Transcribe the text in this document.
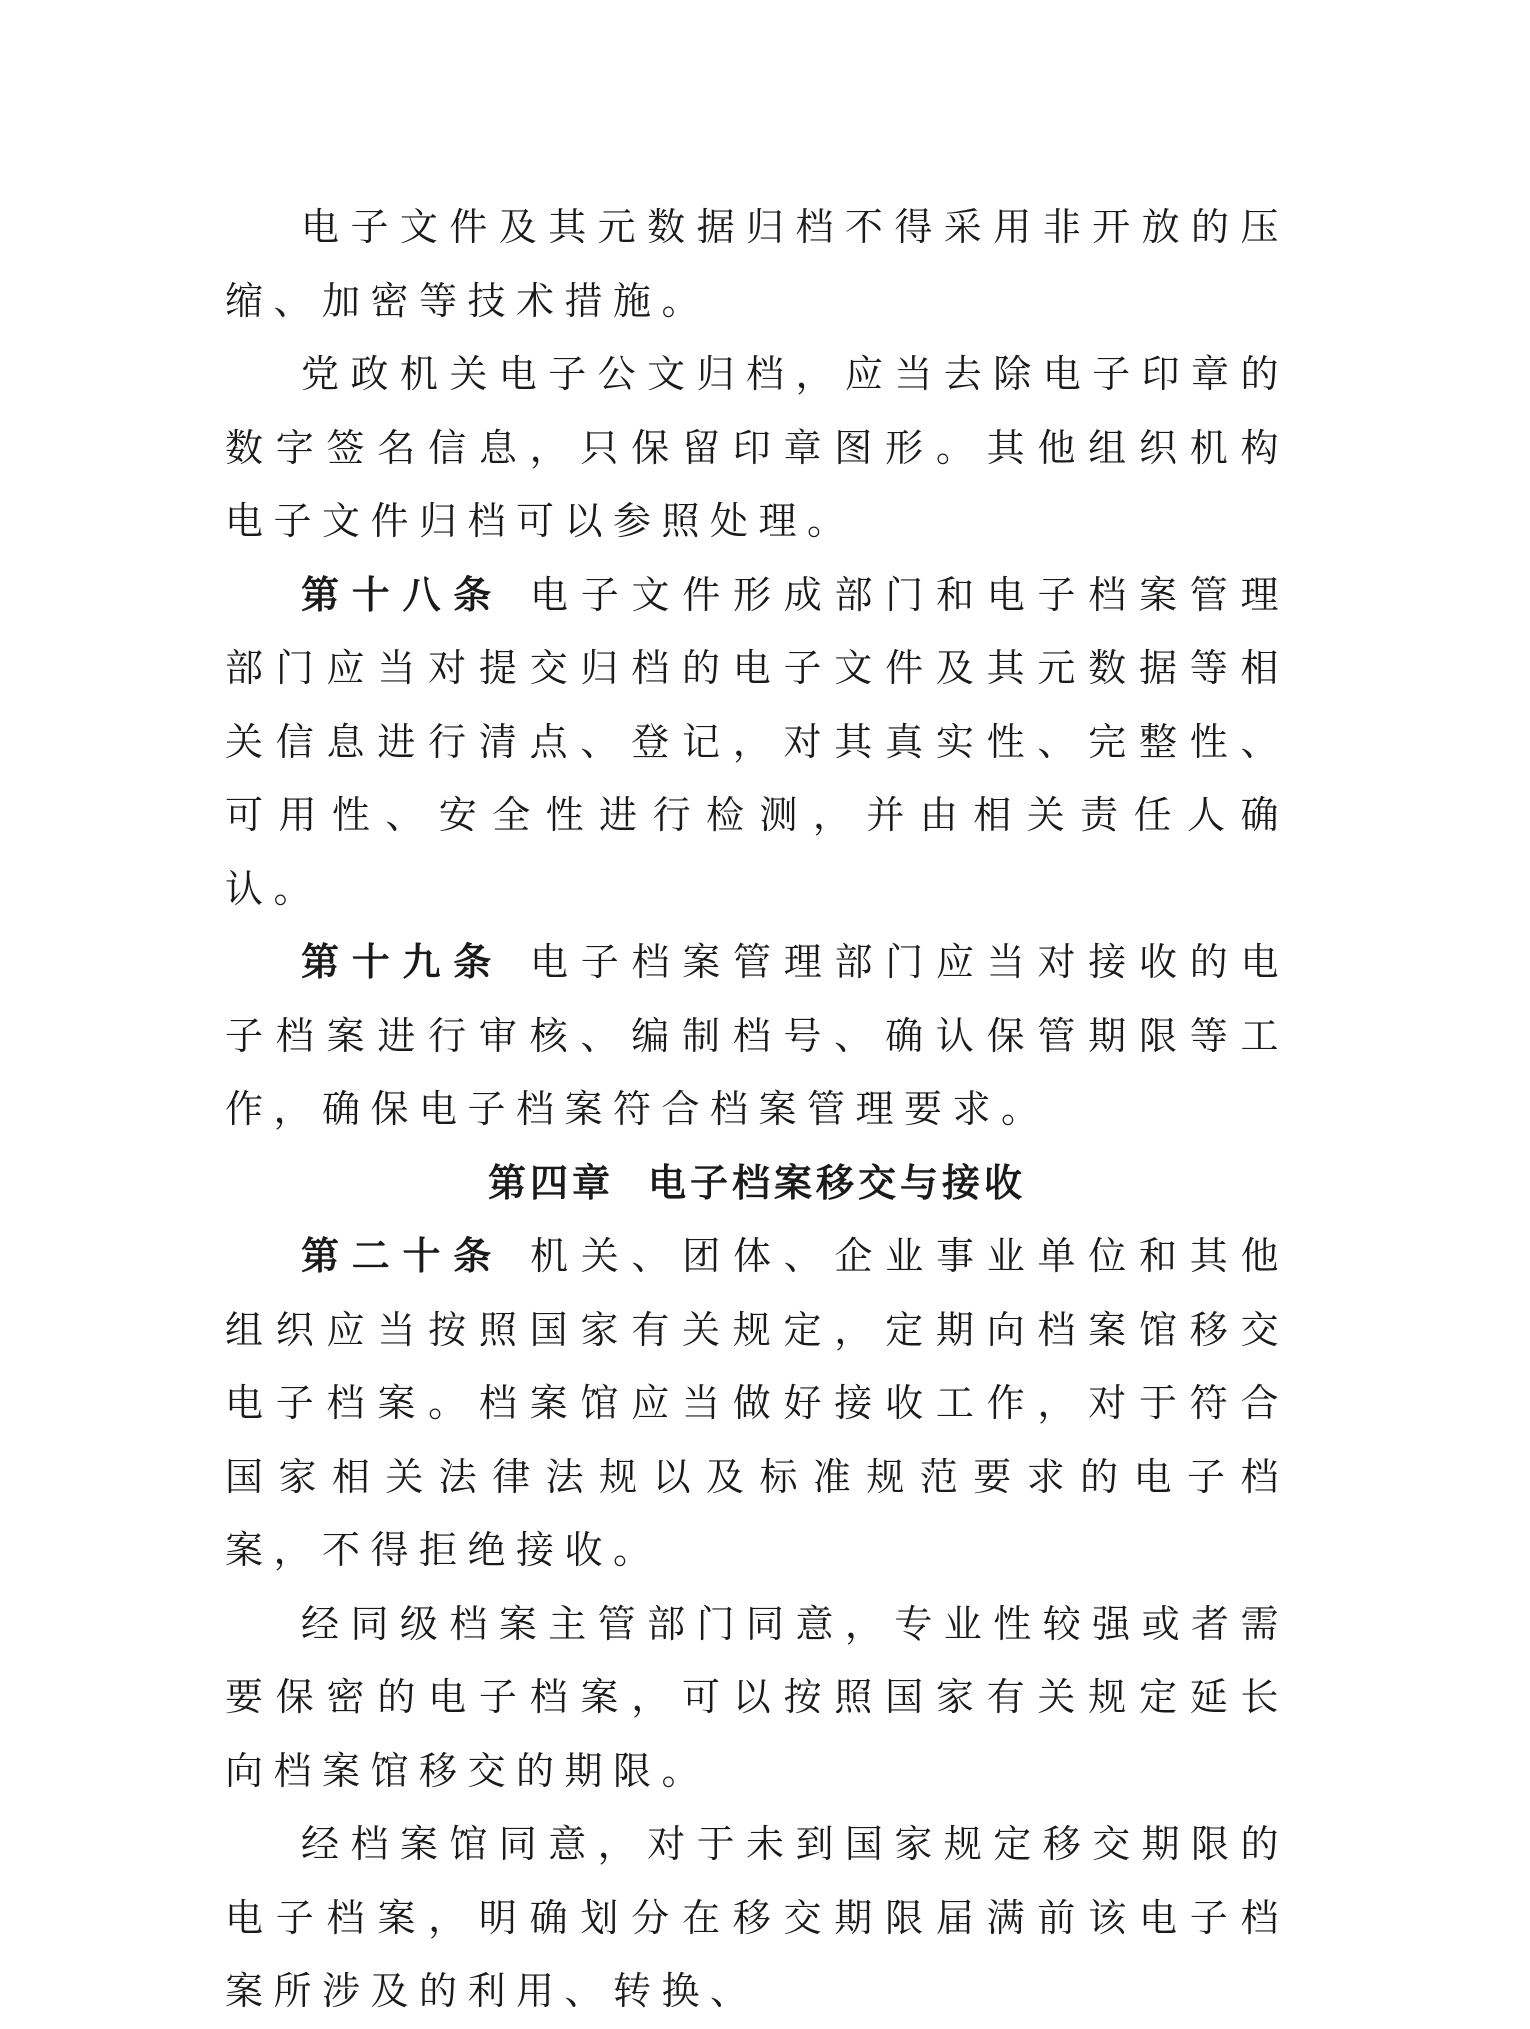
电子文件及其元数据归档不得采用非开放的压缩、加密等技术措施。

党政机关电子公文归档，应当去除电子印章的数字签名信息，只保留印章图形。其他组织机构电子文件归档可以参照处理。

第十八条 电子文件形成部门和电子档案管理部门应当对提交归档的电子文件及其元数据等相关信息进行清点、登记，对其真实性、完整性、可用性、安全性进行检测，并由相关责任人确认。

第十九条 电子档案管理部门应当对接收的电子档案进行审核、编制档号、确认保管期限等工作，确保电子档案符合档案管理要求。

第四章 电子档案移交与接收

第二十条 机关、团体、企业事业单位和其他组织应当按照国家有关规定，定期向档案馆移交电子档案。档案馆应当做好接收工作，对于符合国家相关法律法规以及标准规范要求的电子档案，不得拒绝接收。

经同级档案主管部门同意，专业性较强或者需要保密的电子档案，可以按照国家有关规定延长向档案馆移交的期限。

经档案馆同意，对于未到国家规定移交期限的电子档案，明确划分在移交期限届满前该电子档案所涉及的利用、转换、
